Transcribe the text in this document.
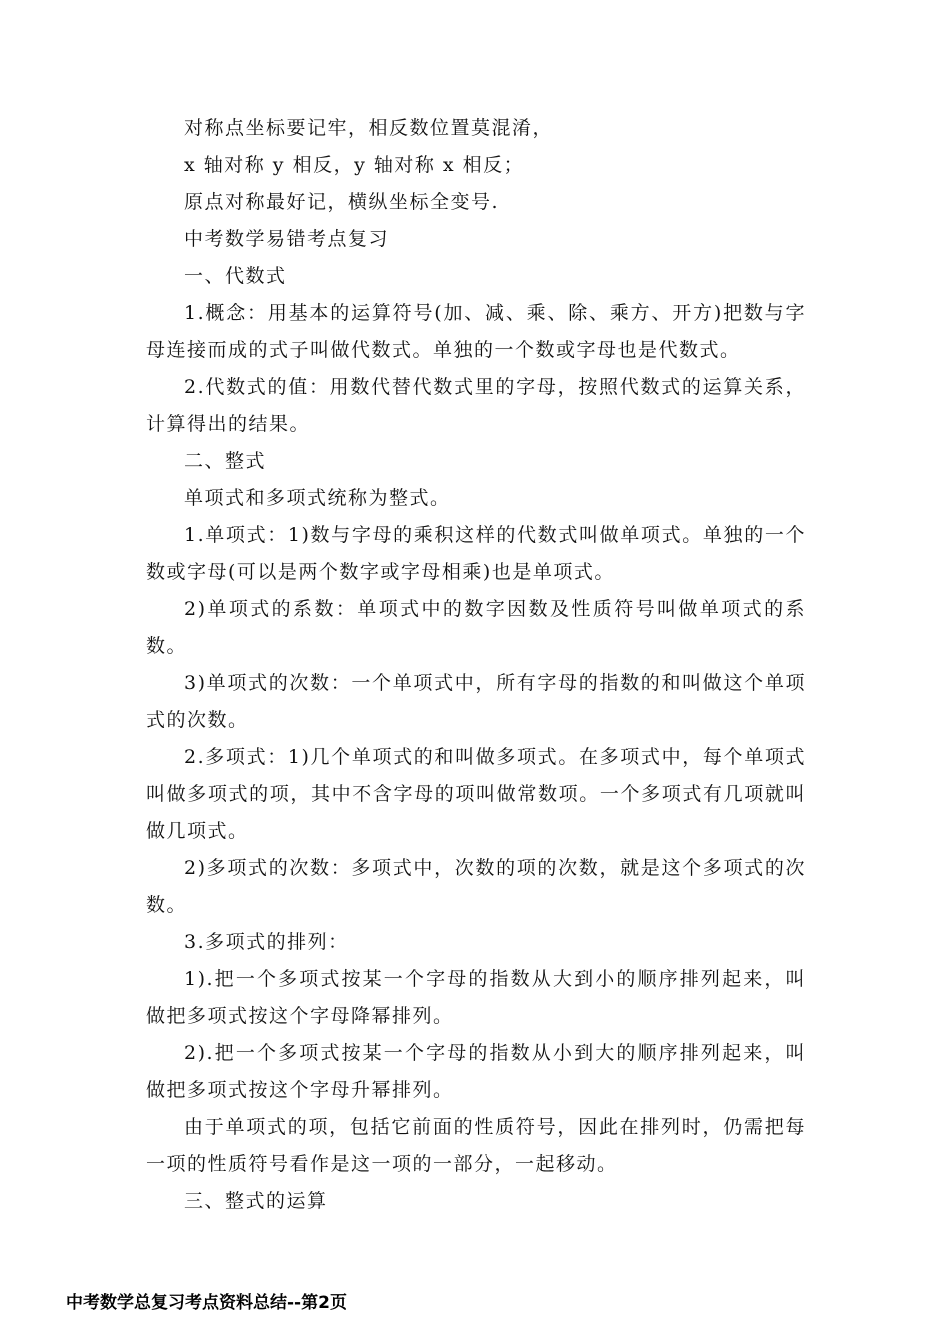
对称点坐标要记牢，相反数位置莫混淆，

x 轴对称 y 相反，y 轴对称 x 相反；

原点对称最好记，横纵坐标全变号.

中考数学易错考点复习

一、代数式

1.概念：用基本的运算符号(加、减、乘、除、乘方、开方)把数与字母连接而成的式子叫做代数式。单独的一个数或字母也是代数式。

2.代数式的值：用数代替代数式里的字母，按照代数式的运算关系，计算得出的结果。

二、整式

单项式和多项式统称为整式。

1.单项式：1)数与字母的乘积这样的代数式叫做单项式。单独的一个数或字母(可以是两个数字或字母相乘)也是单项式。

2)单项式的系数：单项式中的数字因数及性质符号叫做单项式的系数。

3)单项式的次数：一个单项式中，所有字母的指数的和叫做这个单项式的次数。

2.多项式：1)几个单项式的和叫做多项式。在多项式中，每个单项式叫做多项式的项，其中不含字母的项叫做常数项。一个多项式有几项就叫做几项式。

2)多项式的次数：多项式中，次数的项的次数，就是这个多项式的次数。

3.多项式的排列：

1).把一个多项式按某一个字母的指数从大到小的顺序排列起来，叫做把多项式按这个字母降幂排列。

2).把一个多项式按某一个字母的指数从小到大的顺序排列起来，叫做把多项式按这个字母升幂排列。

由于单项式的项，包括它前面的性质符号，因此在排列时，仍需把每一项的性质符号看作是这一项的一部分，一起移动。

三、整式的运算

中考数学总复习考点资料总结--第2页
